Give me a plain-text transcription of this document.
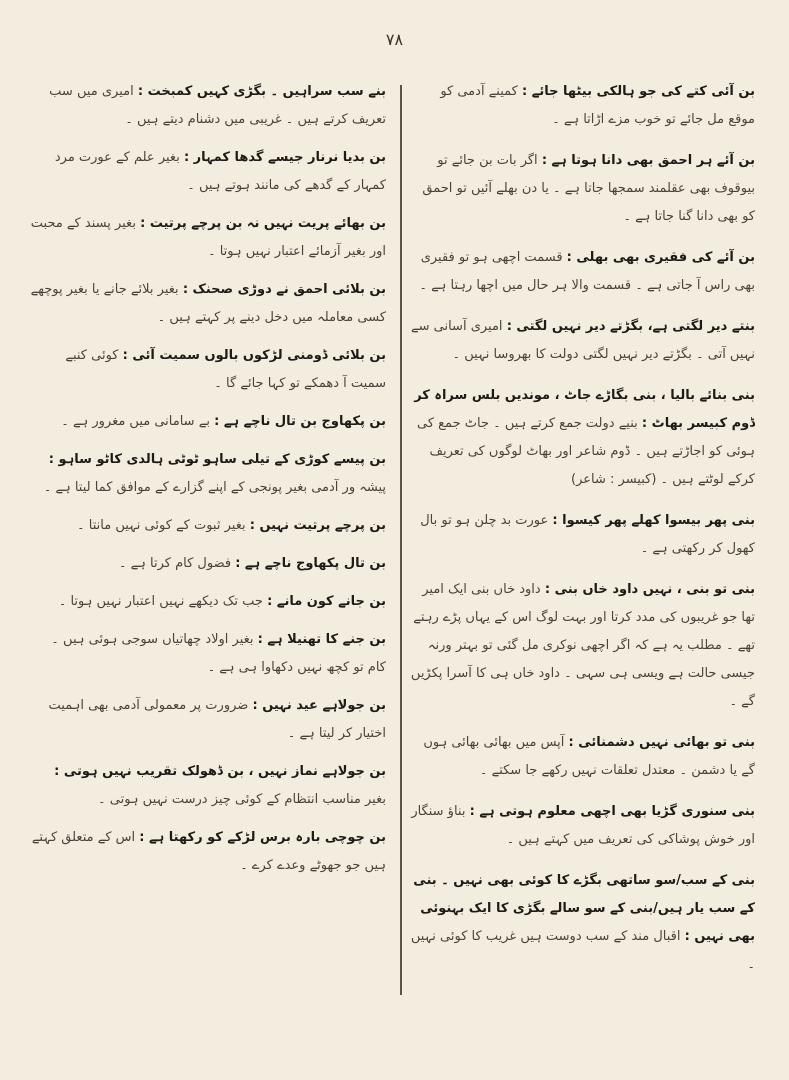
۷۸

بن آئی کتے کی جو ہالکی بیٹھا جائے : کمینے آدمی کو موقع مل جائے تو خوب مزے اڑاتا ہے ۔

بن آئے ہر احمق بھی دانا ہوتا ہے : اگر بات بن جائے تو بیوقوف بھی عقلمند سمجھا جاتا ہے ۔ یا دن بھلے آئیں تو احمق کو بھی دانا گنا جاتا ہے ۔

بن آئے کی فقیری بھی بھلی : قسمت اچھی ہو تو فقیری بھی راس آ جاتی ہے ۔ قسمت والا ہر حال میں اچھا رہتا ہے ۔

بنتے دیر لگتی ہے، بگڑتے دیر نہیں لگتی : امیری آسانی سے نہیں آتی ۔ بگڑتے دیر نہیں لگتی دولت کا بھروسا نہیں ۔

بنی بنائے بالیا ، بنی بگاڑے جاٹ ، موندیں بلس سراہ کر ڈوم کبیسر بھاٹ : بنیے دولت جمع کرتے ہیں ۔ جاٹ جمع کی ہوئی کو اجاڑتے ہیں ۔ ڈوم شاعر اور بھاٹ لوگوں کی تعریف کرکے لوٹتے ہیں ۔ (کبیسر : شاعر)

بنی پھر بیسوا کھلے پھر کیسوا : عورت بد چلن ہو تو بال کھول کر رکھتی ہے ۔

بنی تو بنی ، نہیں داود خاں بنی : داود خاں بنی ایک امیر تھا جو غریبوں کی مدد کرتا اور بہت لوگ اس کے یہاں پڑے رہتے تھے ۔ مطلب یہ ہے کہ اگر اچھی نوکری مل گئی تو بہتر ورنہ جیسی حالت ہے ویسی ہی سہی ۔ داود خاں ہی کا آسرا پکڑیں گے ۔

بنی تو بھائی نہیں دشمنائی : آپس میں بھائی بھائی ہوں گے یا دشمن ۔ معتدل تعلقات نہیں رکھے جا سکتے ۔

بنی سنوری گڑیا بھی اچھی معلوم ہوتی ہے : بناؤ سنگار اور خوش پوشاکی کی تعریف میں کہتے ہیں ۔

بنی کے سب/سو ساتھی بگڑے کا کوئی بھی نہیں ۔ بنی کے سب یار ہیں/بنی کے سو سالے بگڑی کا ایک بہنوئی بھی نہیں : اقبال مند کے سب دوست ہیں غریب کا کوئی نہیں ۔

بنے سب سراہیں ۔ بگڑی کہیں کمبخت : امیری میں سب تعریف کرتے ہیں ۔ غریبی میں دشنام دیتے ہیں ۔

بن بدیا نرنار جیسے گدھا کمہار : بغیر علم کے عورت مرد کمہار کے گدھے کی مانند ہوتے ہیں ۔

بن بھائے پریت نہیں نہ بن پرچے پرتیت : بغیر پسند کے محبت اور بغیر آزمائے اعتبار نہیں ہوتا ۔

بن بلائی احمق نے دوڑی صحنک : بغیر بلائے جانے یا بغیر پوچھے کسی معاملہ میں دخل دینے پر کہتے ہیں ۔

بن بلائی ڈومنی لڑکوں بالوں سمیت آئی : کوئی کنبے سمیت آ دھمکے تو کہا جائے گا ۔

بن پکھاوج بن تال ناچے ہے : بے سامانی میں مغرور ہے ۔

بن پیسے کوڑی کے تیلی ساہو ٹوٹی ہالدی کاٹو ساہو : پیشہ ور آدمی بغیر پونجی کے اپنے گزارے کے موافق کما لیتا ہے ۔

بن پرچے پرتیت نہیں : بغیر ثبوت کے کوئی نہیں مانتا ۔

بن تال پکھاوج ناچے ہے : فضول کام کرتا ہے ۔

بن جانے کون مانے : جب تک دیکھے نہیں اعتبار نہیں ہوتا ۔

بن جنے کا تھنیلا ہے : بغیر اولاد چھاتیاں سوجی ہوئی ہیں ۔ کام تو کچھ نہیں دکھاوا ہی ہے ۔

بن جولاہے عید نہیں : ضرورت پر معمولی آدمی بھی اہمیت اختیار کر لیتا ہے ۔

بن جولاہے نماز نہیں ، بن ڈھولک تقریب نہیں ہوتی : بغیر مناسب انتظام کے کوئی چیز درست نہیں ہوتی ۔

بن چوچی بارہ برس لڑکے کو رکھتا ہے : اس کے متعلق کہتے ہیں جو جھوٹے وعدے کرے ۔
